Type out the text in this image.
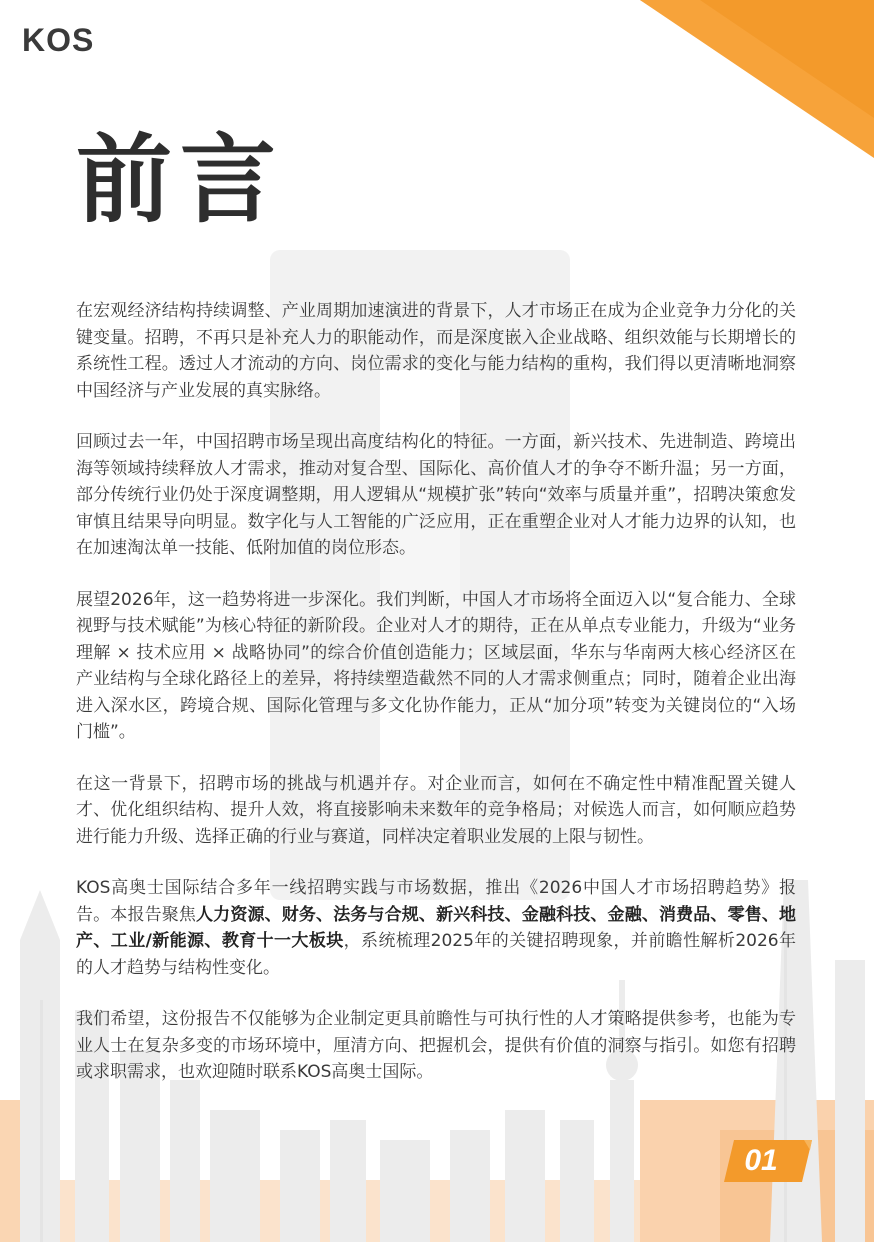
KOS
前言

在宏观经济结构持续调整、产业周期加速演进的背景下，人才市场正在成为企业竞争力分化的关键变量。招聘，不再只是补充人力的职能动作，而是深度嵌入企业战略、组织效能与长期增长的系统性工程。透过人才流动的方向、岗位需求的变化与能力结构的重构，我们得以更清晰地洞察中国经济与产业发展的真实脉络。

回顾过去一年，中国招聘市场呈现出高度结构化的特征。一方面，新兴技术、先进制造、跨境出海等领域持续释放人才需求，推动对复合型、国际化、高价值人才的争夺不断升温；另一方面，部分传统行业仍处于深度调整期，用人逻辑从“规模扩张”转向“效率与质量并重”，招聘决策愈发审慎且结果导向明显。数字化与人工智能的广泛应用，正在重塑企业对人才能力边界的认知，也在加速淘汰单一技能、低附加值的岗位形态。

展望2026年，这一趋势将进一步深化。我们判断，中国人才市场将全面迈入以“复合能力、全球视野与技术赋能”为核心特征的新阶段。企业对人才的期待，正在从单点专业能力，升级为“业务理解 × 技术应用 × 战略协同”的综合价值创造能力；区域层面，华东与华南两大核心经济区在产业结构与全球化路径上的差异，将持续塑造截然不同的人才需求侧重点；同时，随着企业出海进入深水区，跨境合规、国际化管理与多文化协作能力，正从“加分项”转变为关键岗位的“入场门槛”。

在这一背景下，招聘市场的挑战与机遇并存。对企业而言，如何在不确定性中精准配置关键人才、优化组织结构、提升人效，将直接影响未来数年的竞争格局；对候选人而言，如何顺应趋势进行能力升级、选择正确的行业与赛道，同样决定着职业发展的上限与韧性。

KOS高奥士国际结合多年一线招聘实践与市场数据，推出《2026中国人才市场招聘趋势》报告。本报告聚焦人力资源、财务、法务与合规、新兴科技、金融科技、金融、消费品、零售、地产、工业/新能源、教育十一大板块，系统梳理2025年的关键招聘现象，并前瞻性解析2026年的人才趋势与结构性变化。

我们希望，这份报告不仅能够为企业制定更具前瞻性与可执行性的人才策略提供参考，也能为专业人士在复杂多变的市场环境中，厘清方向、把握机会，提供有价值的洞察与指引。如您有招聘或求职需求，也欢迎随时联系KOS高奥士国际。

01
